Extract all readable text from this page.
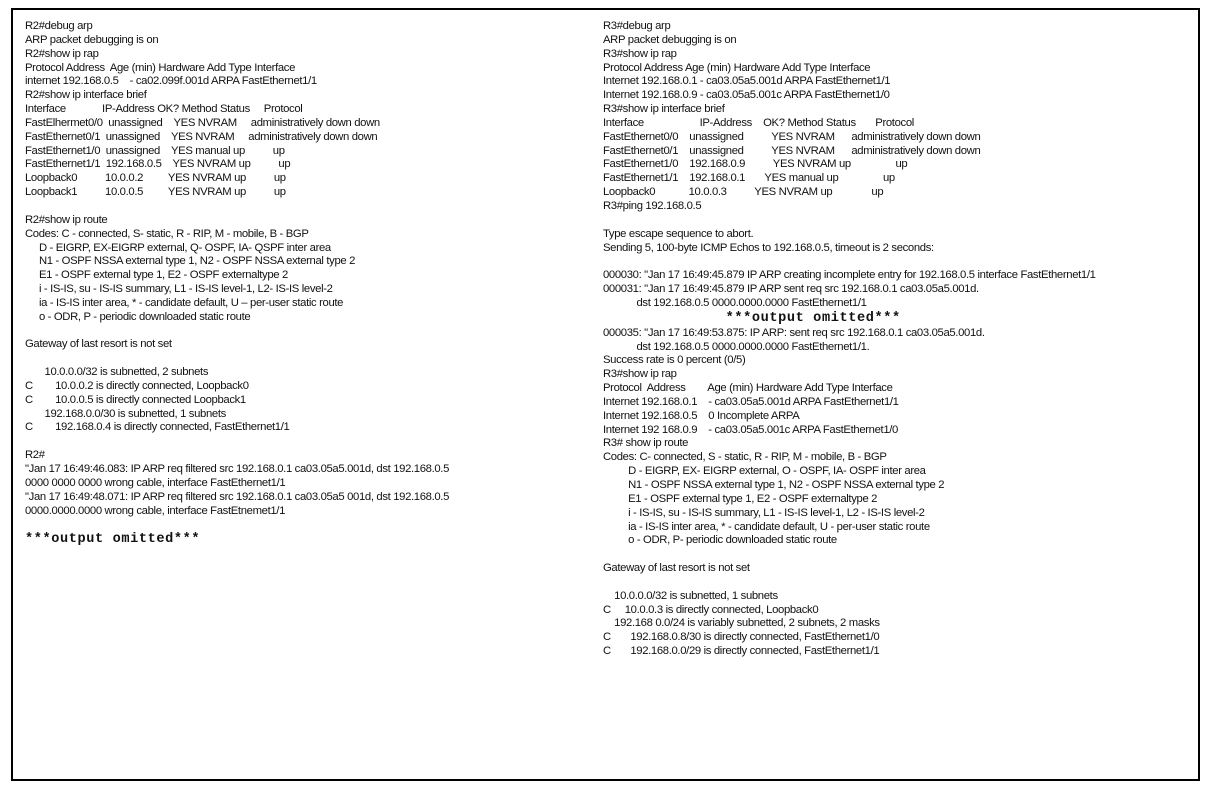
R2#debug arp
ARP packet debugging is on
R2#show ip rap
Protocol Address  Age (min) Hardware Add Type Interface
internet 192.168.0.5    - ca02.099f.001d ARPA FastEthernet1/1
R2#show ip interface brief
Interface             IP-Address OK? Method Status     Protocol
FastElhermet0/0  unassigned    YES NVRAM     administratively down down
FastEthernet0/1  unassigned    YES NVRAM     administratively down down
FastEthernet1/0  unassigned    YES manual up          up
FastEthernet1/1  192.168.0.5    YES NVRAM up          up
Loopback0          10.0.0.2         YES NVRAM up          up
Loopback1          10.0.0.5         YES NVRAM up          up
R2#show ip route
Codes: C - connected, S- static, R - RIP, M - mobile, B - BGP
D - EIGRP, EX-EIGRP external, Q- OSPF, IA- QSPF inter area
N1 - OSPF NSSA external type 1, N2 - OSPF NSSA external type 2
E1 - OSPF external type 1, E2 - OSPF externaltype 2
i - IS-IS, su - IS-IS summary, L1 - IS-IS level-1, L2- IS-IS level-2
ia - IS-IS inter area, * - candidate default, U – per-user static route
o - ODR, P - periodic downloaded static route
Gateway of last resort is not set
10.0.0.0/32 is subnetted, 2 subnets
C        10.0.0.2 is directly connected, Loopback0
C        10.0.0.5 is directly connected Loopback1
192.168.0.0/30 is subnetted, 1 subnets
C        192.168.0.4 is directly connected, FastEthernet1/1
R2#
"Jan 17 16:49:46.083: IP ARP req filtered src 192.168.0.1 ca03.05a5.001d, dst 192.168.0.5
0000 0000 0000 wrong cable, interface FastEthernet1/1
"Jan 17 16:49:48.071: IP ARP req filtered src 192.168.0.1 ca03.05a5 001d, dst 192.168.0.5
0000.0000.0000 wrong cable, interface FastEtnemet1/1
***output omitted***
R3#debug arp
ARP packet debugging is on
R3#show ip rap
Protocol Address Age (min) Hardware Add Type Interface
Internet 192.168.0.1 - ca03.05a5.001d ARPA FastEthernet1/1
Internet 192.168.0.9 - ca03.05a5.001c ARPA FastEthernet1/0
R3#show ip interface brief
Interface                    IP-Address    OK? Method Status       Protocol
FastEthernet0/0    unassigned          YES NVRAM      administratively down down
FastEthernet0/1    unassigned          YES NVRAM      administratively down down
FastEthernet1/0    192.168.0.9          YES NVRAM up                up
FastEthernet1/1    192.168.0.1       YES manual up                up
Loopback0            10.0.0.3          YES NVRAM up              up
R3#ping 192.168.0.5
Type escape sequence to abort.
Sending 5, 100-byte ICMP Echos to 192.168.0.5, timeout is 2 seconds:
000030: "Jan 17 16:49:45.879 IP ARP creating incomplete entry for 192.168.0.5 interface FastEthernet1/1
000031: "Jan 17 16:49:45.879 IP ARP sent req src 192.168.0.1 ca03.05a5.001d.
dst 192.168.0.5 0000.0000.0000 FastEthernet1/1
***output omitted***
000035: "Jan 17 16:49:53.875: IP ARP: sent req src 192.168.0.1 ca03.05a5.001d.
dst 192.168.0.5 0000.0000.0000 FastEthernet1/1.
Success rate is 0 percent (0/5)
R3#show ip rap
Protocol  Address        Age (min) Hardware Add Type Interface
Internet 192.168.0.1    - ca03.05a5.001d ARPA FastEthernet1/1
Internet 192.168.0.5    0 Incomplete ARPA
Internet 192 168.0.9    - ca03.05a5.001c ARPA FastEthernet1/0
R3# show ip route
Codes: C- connected, S - static, R - RIP, M - mobile, B - BGP
D - EIGRP, EX- EIGRP external, O - OSPF, IA- OSPF inter area
N1 - OSPF NSSA external type 1, N2 - OSPF NSSA external type 2
E1 - OSPF external type 1, E2 - OSPF externaltype 2
i - IS-IS, su - IS-IS summary, L1 - IS-IS level-1, L2 - IS-IS level-2
ia - IS-IS inter area, * - candidate default, U - per-user static route
o - ODR, P- periodic downloaded static route
Gateway of last resort is not set
10.0.0.0/32 is subnetted, 1 subnets
C     10.0.0.3 is directly connected, Loopback0
192.168 0.0/24 is variably subnetted, 2 subnets, 2 masks
C       192.168.0.8/30 is directly connected, FastEthernet1/0
C       192.168.0.0/29 is directly connected, FastEthernet1/1
